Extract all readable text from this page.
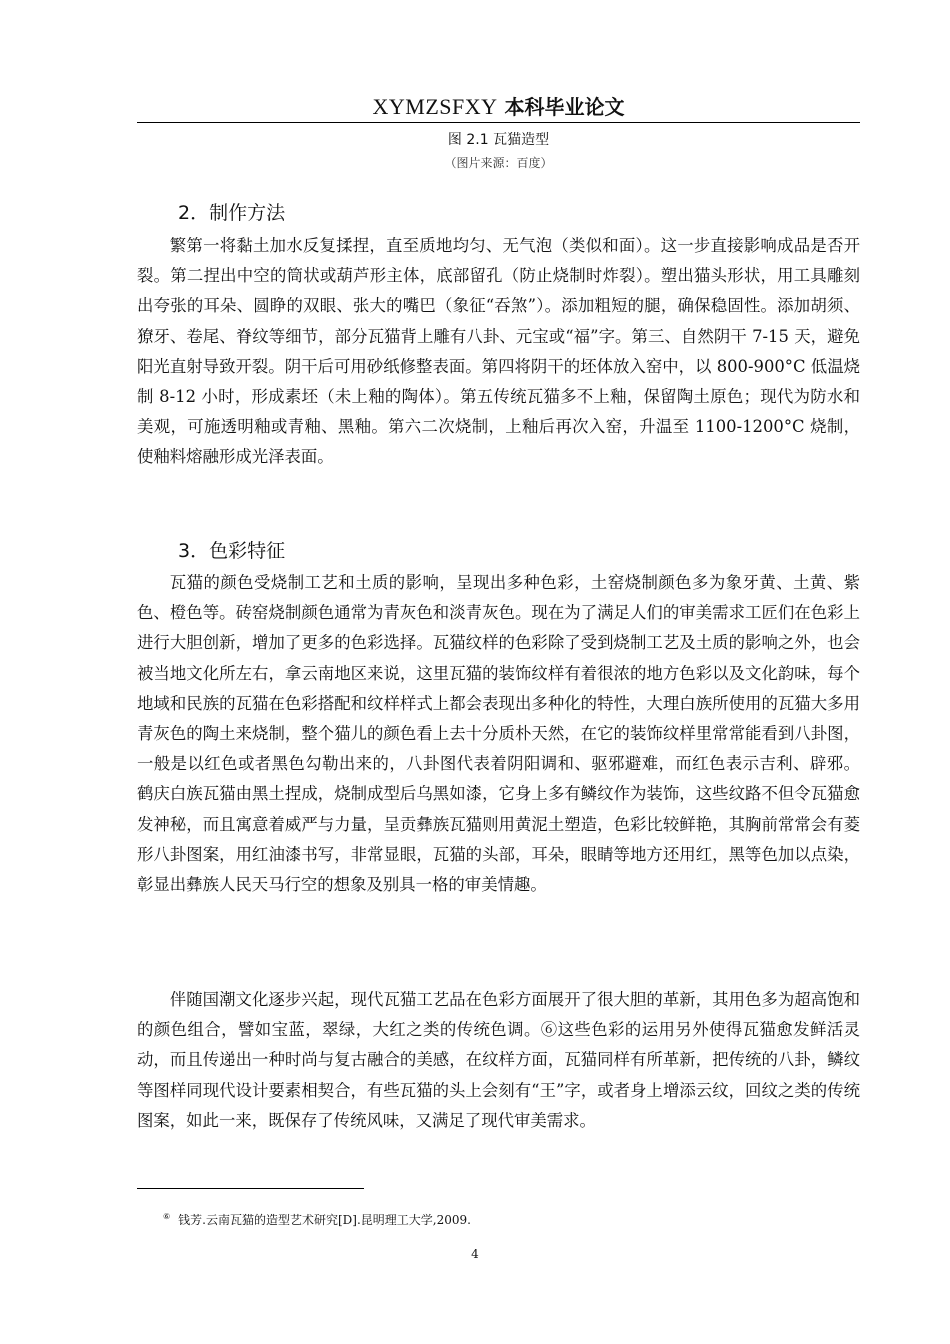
XYMZSFXY 本科毕业论文
图 2.1 瓦猫造型
（图片来源：百度）
2．制作方法

繁第一将黏土加水反复揉捏，直至质地均匀、无气泡（类似和面）。这一步直接影响成品是否开裂。第二捏出中空的筒状或葫芦形主体，底部留孔（防止烧制时炸裂）。塑出猫头形状，用工具雕刻出夸张的耳朵、圆睁的双眼、张大的嘴巴（象征“吞煞”）。添加粗短的腿，确保稳固性。添加胡须、獠牙、卷尾、脊纹等细节，部分瓦猫背上雕有八卦、元宝或“福”字。第三、自然阴干 7-15 天，避免阳光直射导致开裂。阴干后可用砂纸修整表面。第四将阴干的坯体放入窑中，以 800-900°C 低温烧制 8-12 小时，形成素坯（未上釉的陶体）。第五传统瓦猫多不上釉，保留陶土原色；现代为防水和美观，可施透明釉或青釉、黑釉。第六二次烧制，上釉后再次入窑，升温至 1100-1200°C 烧制，使釉料熔融形成光泽表面。

3．色彩特征

瓦猫的颜色受烧制工艺和土质的影响，呈现出多种色彩，土窑烧制颜色多为象牙黄、土黄、紫色、橙色等。砖窑烧制颜色通常为青灰色和淡青灰色。现在为了满足人们的审美需求工匠们在色彩上进行大胆创新，增加了更多的色彩选择。瓦猫纹样的色彩除了受到烧制工艺及土质的影响之外，也会被当地文化所左右，拿云南地区来说，这里瓦猫的装饰纹样有着很浓的地方色彩以及文化韵味，每个地域和民族的瓦猫在色彩搭配和纹样样式上都会表现出多种化的特性，大理白族所使用的瓦猫大多用青灰色的陶土来烧制，整个猫儿的颜色看上去十分质朴天然，在它的装饰纹样里常常能看到八卦图，一般是以红色或者黑色勾勒出来的，八卦图代表着阴阳调和、驱邪避难，而红色表示吉利、辟邪。 鹤庆白族瓦猫由黑土捏成，烧制成型后乌黑如漆，它身上多有鳞纹作为装饰，这些纹路不但令瓦猫愈发神秘，而且寓意着威严与力量，呈贡彝族瓦猫则用黄泥土塑造，色彩比较鲜艳，其胸前常常会有菱形八卦图案，用红油漆书写，非常显眼，瓦猫的头部，耳朵，眼睛等地方还用红，黑等色加以点染，彰显出彝族人民天马行空的想象及别具一格的审美情趣。

伴随国潮文化逐步兴起，现代瓦猫工艺品在色彩方面展开了很大胆的革新，其用色多为超高饱和的颜色组合，譬如宝蓝，翠绿，大红之类的传统色调。⑥这些色彩的运用另外使得瓦猫愈发鲜活灵动，而且传递出一种时尚与复古融合的美感，在纹样方面，瓦猫同样有所革新，把传统的八卦，鳞纹等图样同现代设计要素相契合，有些瓦猫的头上会刻有“王”字，或者身上增添云纹，回纹之类的传统图案，如此一来，既保存了传统风味，又满足了现代审美需求。

⑥ 钱芳.云南瓦猫的造型艺术研究[D].昆明理工大学,2009.
4
